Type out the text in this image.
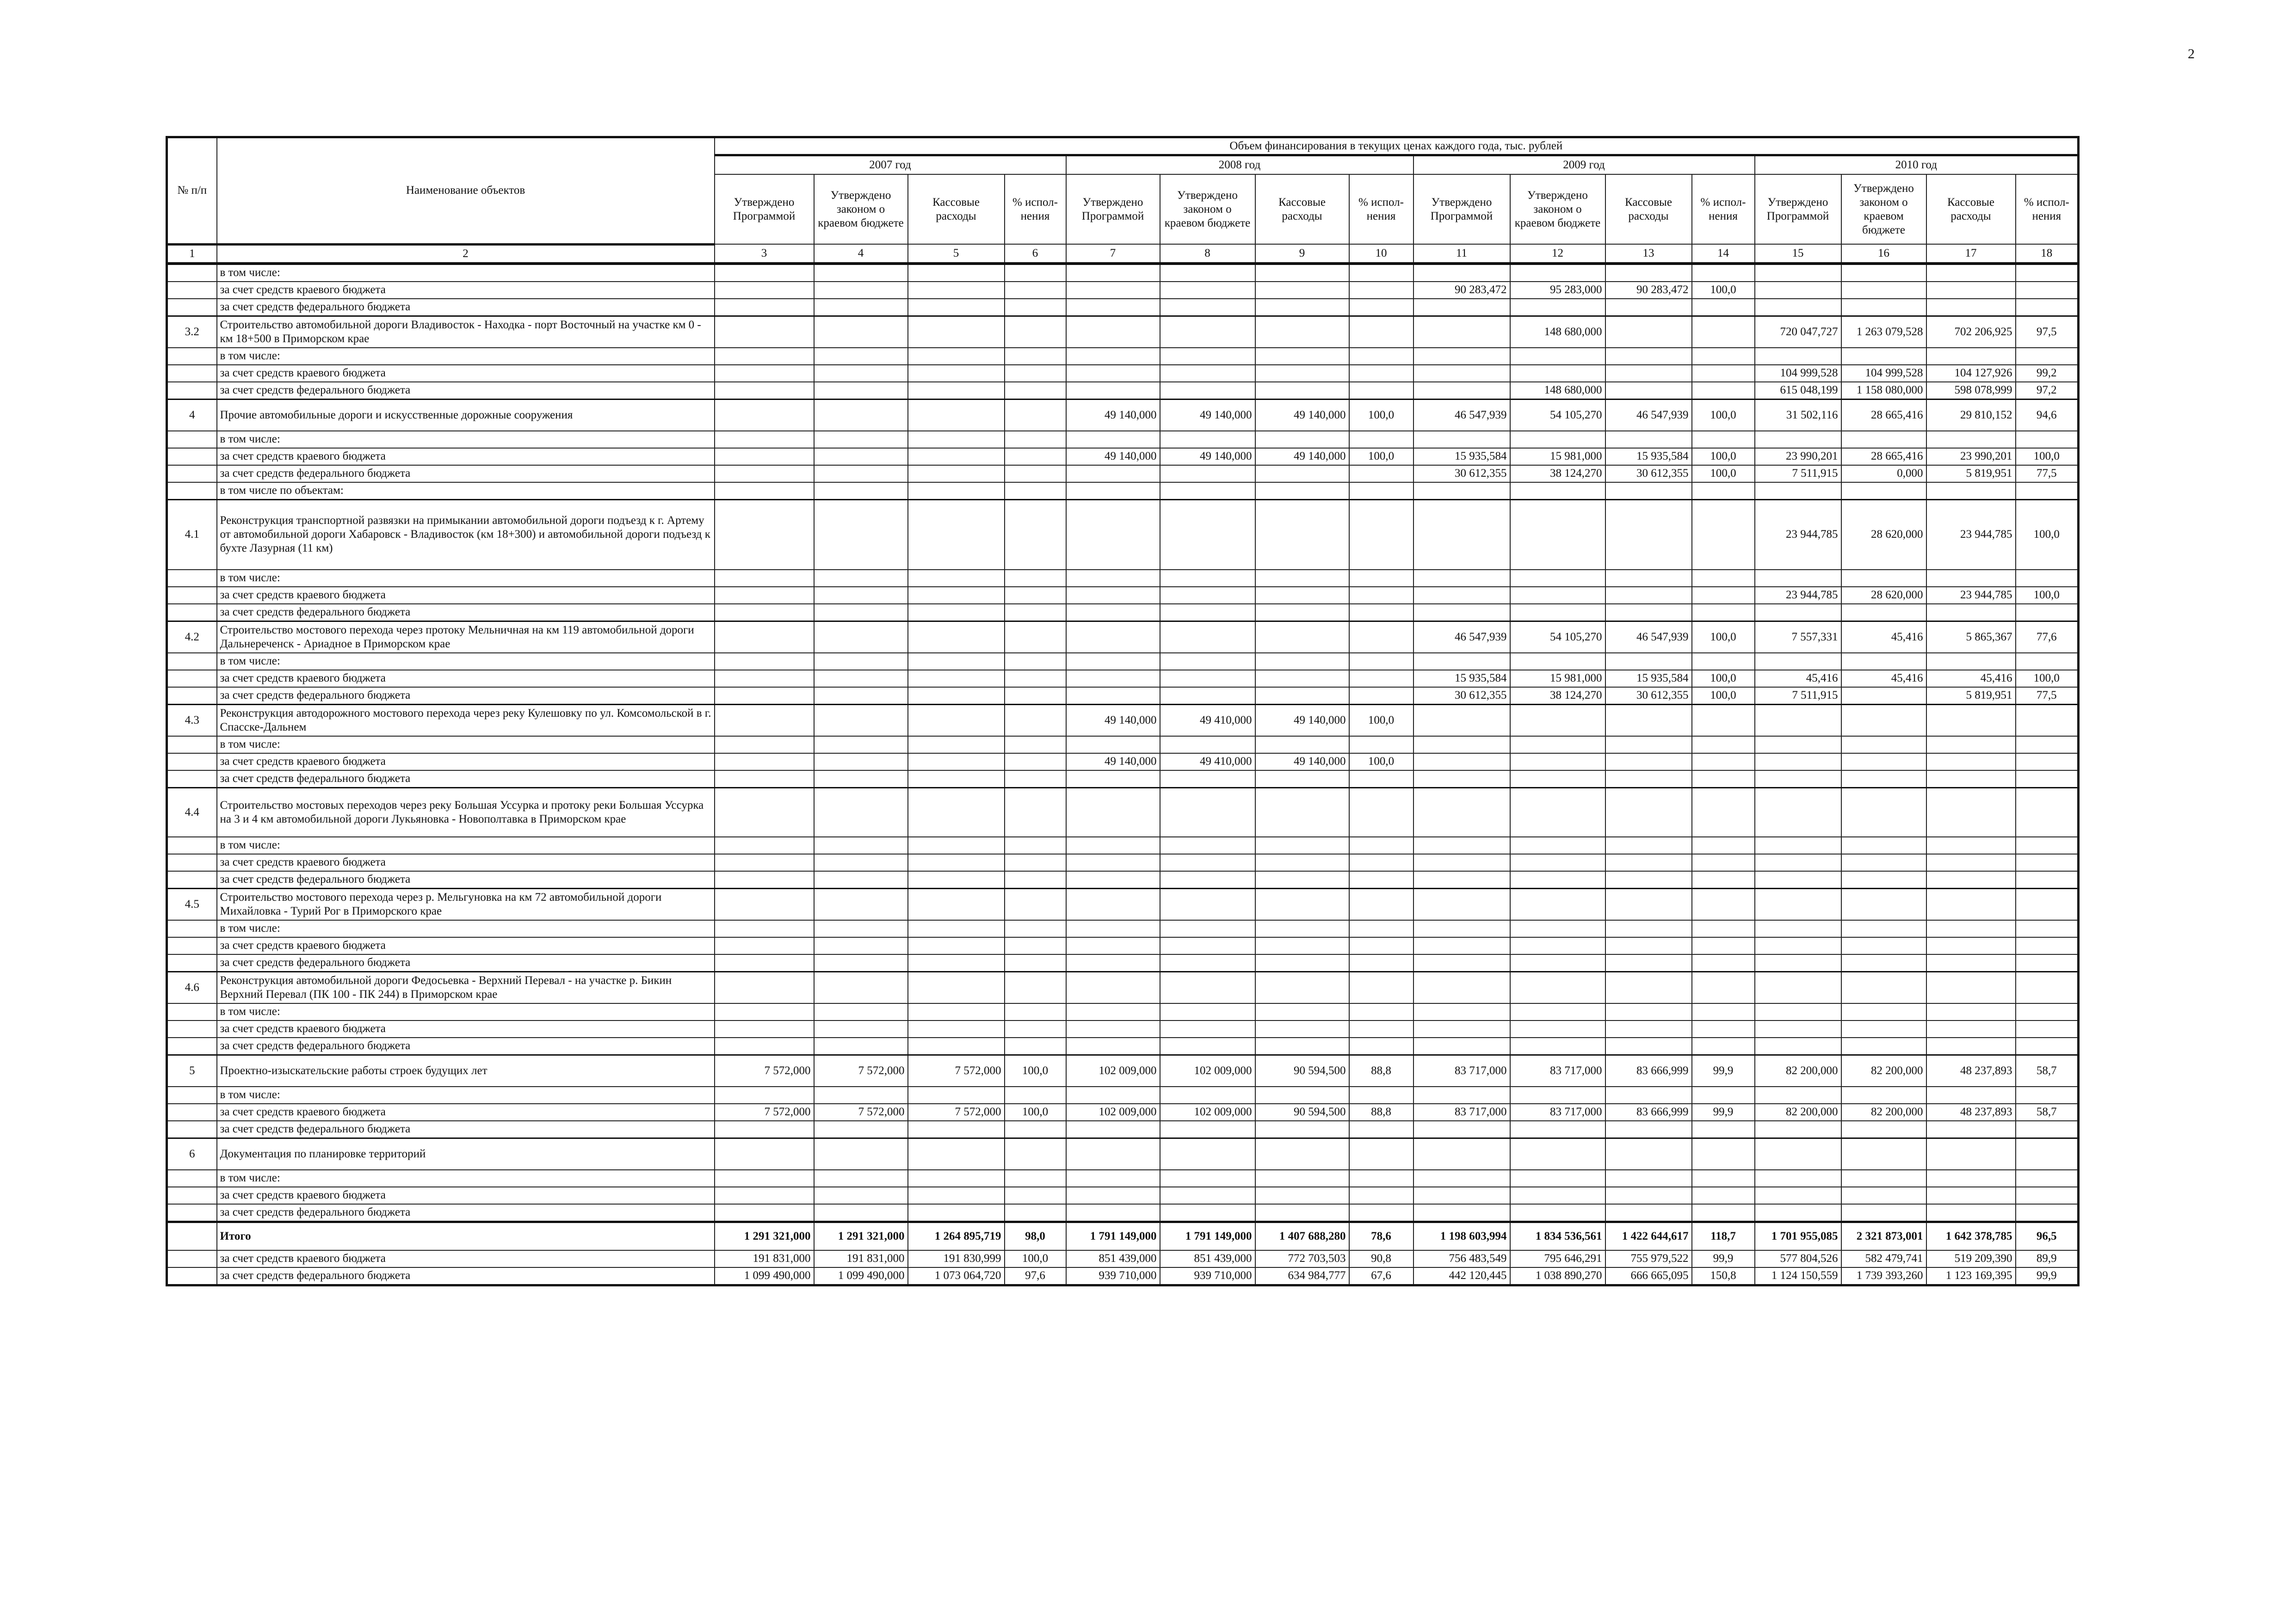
2
№ п/п	Наименование объектов	Объем финансирования в текущих ценах каждого года, тыс. рублей															
		2007 год				2008 год				2009 год				2010 год			
		Утверждено Программой	Утверждено законом о краевом бюджете	Кассовые расходы	% испол-нения	Утверждено Программой	Утверждено законом о краевом бюджете	Кассовые расходы	% испол-нения	Утверждено Программой	Утверждено законом о краевом бюджете	Кассовые расходы	% испол-нения	Утверждено Программой	Утверждено законом о краевом бюджете	Кассовые расходы	% испол-нения
1	2	3	4	5	6	7	8	9	10	11	12	13	14	15	16	17	18
	в том числе:																
	за счет средств краевого бюджета									90 283,472	95 283,000	90 283,472	100,0				
	за счет средств федерального бюджета																
3.2	Строительство автомобильной дороги Владивосток - Находка - порт Восточный на участке км 0 - км 18+500 в Приморском крае										148 680,000			720 047,727	1 263 079,528	702 206,925	97,5
	в том числе:																
	за счет средств краевого бюджета													104 999,528	104 999,528	104 127,926	99,2
	за счет средств федерального бюджета										148 680,000			615 048,199	1 158 080,000	598 078,999	97,2
4	Прочие автомобильные дороги и искусственные дорожные сооружения					49 140,000	49 140,000	49 140,000	100,0	46 547,939	54 105,270	46 547,939	100,0	31 502,116	28 665,416	29 810,152	94,6
	в том числе:																
	за счет средств краевого бюджета					49 140,000	49 140,000	49 140,000	100,0	15 935,584	15 981,000	15 935,584	100,0	23 990,201	28 665,416	23 990,201	100,0
	за счет средств федерального бюджета									30 612,355	38 124,270	30 612,355	100,0	7 511,915	0,000	5 819,951	77,5
	в том числе по объектам:																
4.1	Реконструкция транспортной развязки на примыкании автомобильной дороги подъезд к г. Артему от автомобильной дороги Хабаровск - Владивосток (км 18+300) и автомобильной дороги подъезд к бухте Лазурная (11 км)													23 944,785	28 620,000	23 944,785	100,0
	в том числе:																
	за счет средств краевого бюджета													23 944,785	28 620,000	23 944,785	100,0
	за счет средств федерального бюджета																
4.2	Строительство мостового перехода через протоку Мельничная на км 119 автомобильной дороги Дальнереченск - Ариадное в Приморском крае									46 547,939	54 105,270	46 547,939	100,0	7 557,331	45,416	5 865,367	77,6
	в том числе:																
	за счет средств краевого бюджета									15 935,584	15 981,000	15 935,584	100,0	45,416	45,416	45,416	100,0
	за счет средств федерального бюджета									30 612,355	38 124,270	30 612,355	100,0	7 511,915		5 819,951	77,5
4.3	Реконструкция автодорожного мостового перехода через реку Кулешовку по ул. Комсомольской в г. Спасске-Дальнем					49 140,000	49 410,000	49 140,000	100,0								
	в том числе:																
	за счет средств краевого бюджета					49 140,000	49 410,000	49 140,000	100,0								
	за счет средств федерального бюджета																
4.4	Строительство мостовых переходов через реку Большая Уссурка и протоку реки Большая Уссурка на 3 и 4 км автомобильной дороги Лукьяновка - Новополтавка в Приморском крае																
	в том числе:																
	за счет средств краевого бюджета																
	за счет средств федерального бюджета																
4.5	Строительство мостового перехода через р. Мельгуновка на км 72 автомобильной дороги Михайловка - Турий Рог в Приморского крае																
	в том числе:																
	за счет средств краевого бюджета																
	за счет средств федерального бюджета																
4.6	Реконструкция автомобильной дороги Федосьевка - Верхний Перевал - на участке р. Бикин Верхний Перевал (ПК 100 - ПК 244) в Приморском крае																
	в том числе:																
	за счет средств краевого бюджета																
	за счет средств федерального бюджета																
5	Проектно-изыскательские работы строек будущих лет	7 572,000	7 572,000	7 572,000	100,0	102 009,000	102 009,000	90 594,500	88,8	83 717,000	83 717,000	83 666,999	99,9	82 200,000	82 200,000	48 237,893	58,7
	в том числе:																
	за счет средств краевого бюджета	7 572,000	7 572,000	7 572,000	100,0	102 009,000	102 009,000	90 594,500	88,8	83 717,000	83 717,000	83 666,999	99,9	82 200,000	82 200,000	48 237,893	58,7
	за счет средств федерального бюджета																
6	Документация по планировке территорий																
	в том числе:																
	за счет средств краевого бюджета																
	за счет средств федерального бюджета																
	Итого	1 291 321,000	1 291 321,000	1 264 895,719	98,0	1 791 149,000	1 791 149,000	1 407 688,280	78,6	1 198 603,994	1 834 536,561	1 422 644,617	118,7	1 701 955,085	2 321 873,001	1 642 378,785	96,5
	за счет средств краевого бюджета	191 831,000	191 831,000	191 830,999	100,0	851 439,000	851 439,000	772 703,503	90,8	756 483,549	795 646,291	755 979,522	99,9	577 804,526	582 479,741	519 209,390	89,9
	за счет средств федерального бюджета	1 099 490,000	1 099 490,000	1 073 064,720	97,6	939 710,000	939 710,000	634 984,777	67,6	442 120,445	1 038 890,270	666 665,095	150,8	1 124 150,559	1 739 393,260	1 123 169,395	99,9
